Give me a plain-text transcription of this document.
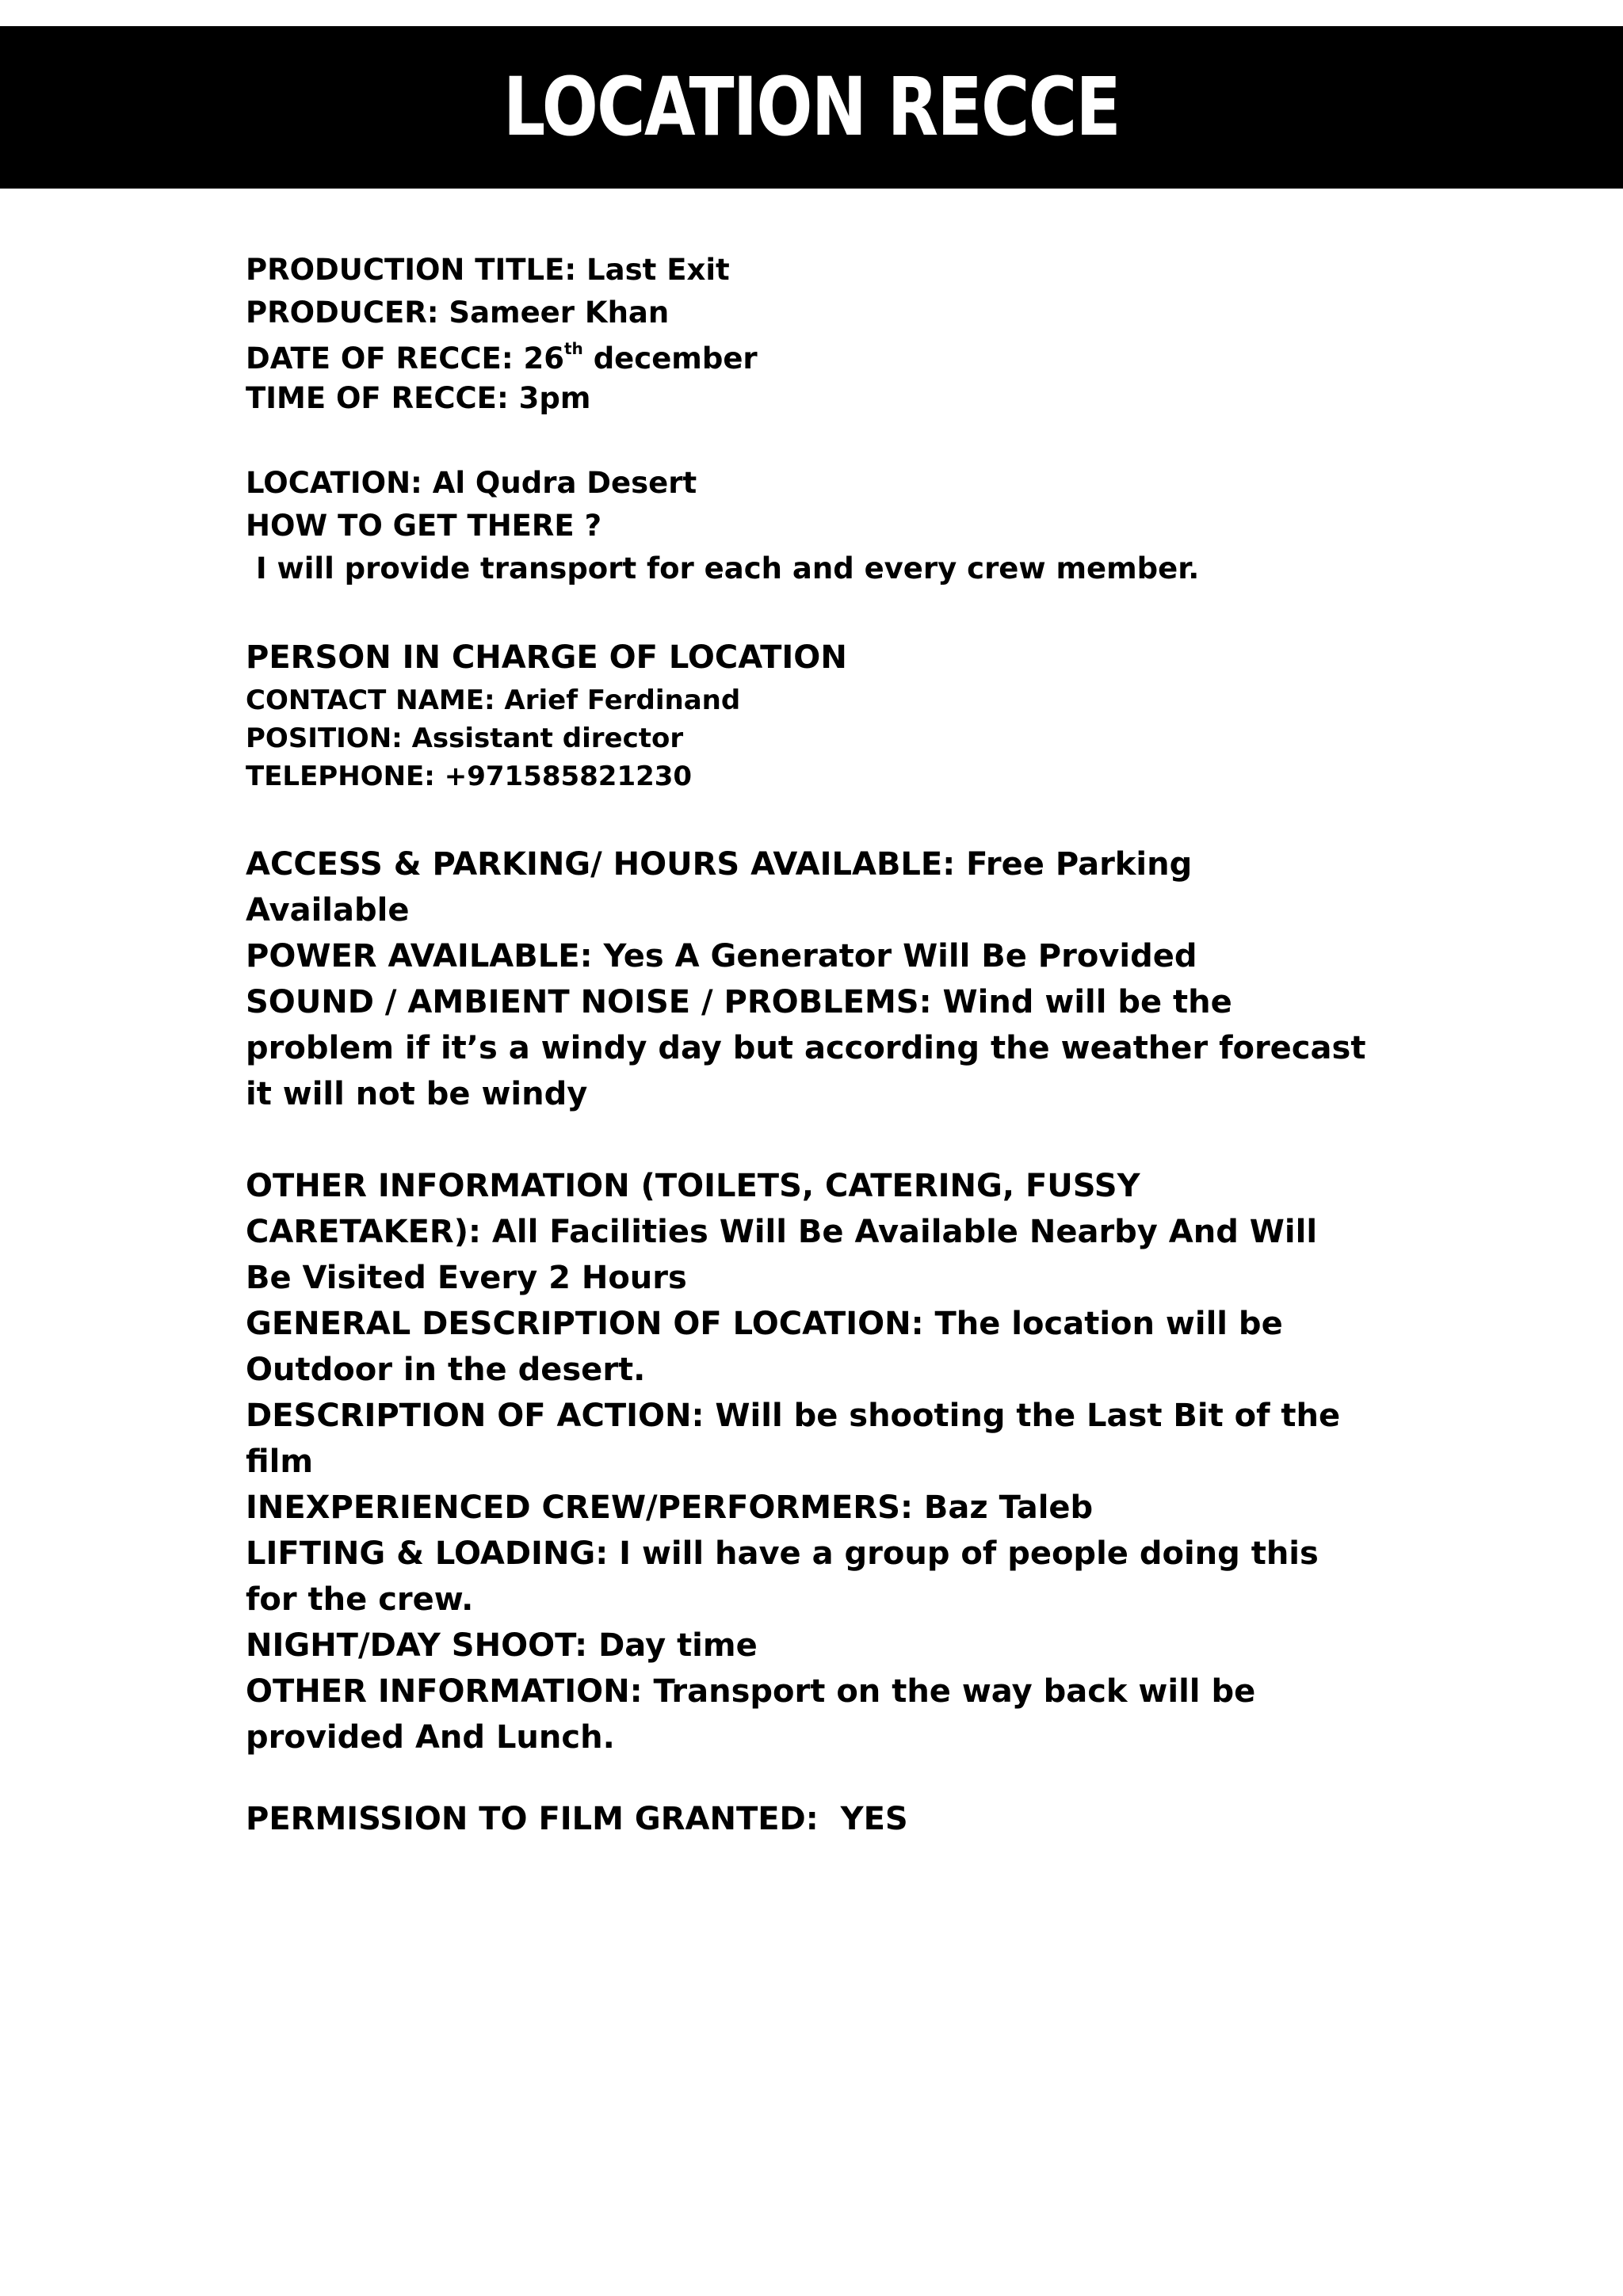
LOCATION RECCE
PRODUCTION TITLE: Last Exit
PRODUCER: Sameer Khan
DATE OF RECCE: 26th december
TIME OF RECCE: 3pm
LOCATION: Al Qudra Desert
HOW TO GET THERE ?
I will provide transport for each and every crew member.
PERSON IN CHARGE OF LOCATION
CONTACT NAME: Arief Ferdinand
POSITION: Assistant director
TELEPHONE: +971585821230
ACCESS & PARKING/ HOURS AVAILABLE: Free Parking
Available
POWER AVAILABLE: Yes A Generator Will Be Provided
SOUND / AMBIENT NOISE / PROBLEMS: Wind will be the
problem if it’s a windy day but according the weather forecast
it will not be windy
OTHER INFORMATION (TOILETS, CATERING, FUSSY
CARETAKER): All Facilities Will Be Available Nearby And Will
Be Visited Every 2 Hours
GENERAL DESCRIPTION OF LOCATION: The location will be
Outdoor in the desert.
DESCRIPTION OF ACTION: Will be shooting the Last Bit of the
film
INEXPERIENCED CREW/PERFORMERS: Baz Taleb
LIFTING & LOADING: I will have a group of people doing this
for the crew.
NIGHT/DAY SHOOT: Day time
OTHER INFORMATION: Transport on the way back will be
provided And Lunch.
PERMISSION TO FILM GRANTED:  YES
